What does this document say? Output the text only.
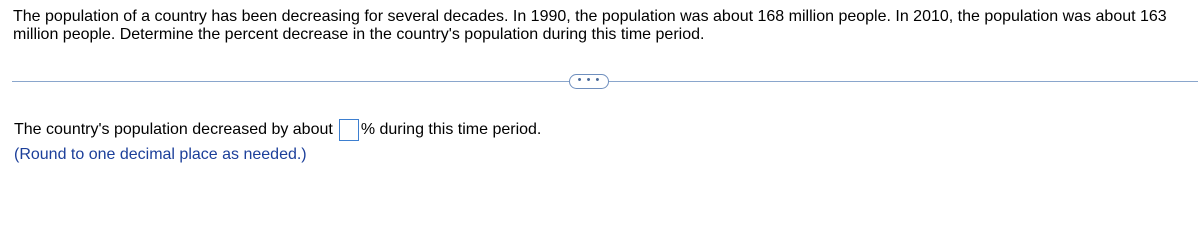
The population of a country has been decreasing for several decades. In 1990, the population was about 168 million people. In 2010, the population was about 163 million people. Determine the percent decrease in the country's population during this time period.

• • •
The country's population decreased by about % during this time period.
(Round to one decimal place as needed.)
